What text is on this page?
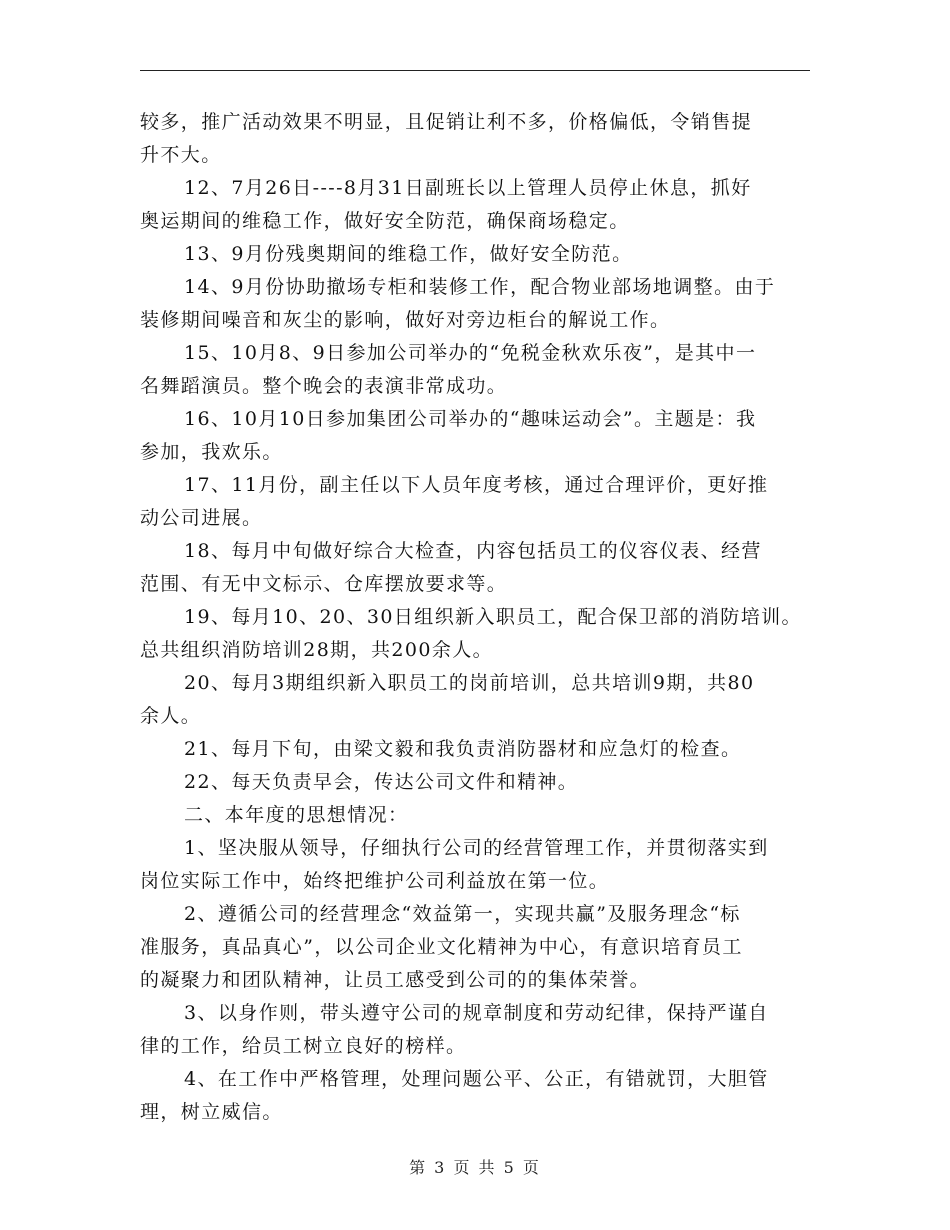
较多，推广活动效果不明显，且促销让利不多，价格偏低，令销售提
升不大。
12、7月26日----8月31日副班长以上管理人员停止休息，抓好
奥运期间的维稳工作，做好安全防范，确保商场稳定。
13、9月份残奥期间的维稳工作，做好安全防范。
14、9月份协助撤场专柜和装修工作，配合物业部场地调整。由于
装修期间噪音和灰尘的影响，做好对旁边柜台的解说工作。
15、10月8、9日参加公司举办的“免税金秋欢乐夜”，是其中一
名舞蹈演员。整个晚会的表演非常成功。
16、10月10日参加集团公司举办的“趣味运动会”。主题是：我
参加，我欢乐。
17、11月份，副主任以下人员年度考核，通过合理评价，更好推
动公司进展。
18、每月中旬做好综合大检查，内容包括员工的仪容仪表、经营
范围、有无中文标示、仓库摆放要求等。
19、每月10、20、30日组织新入职员工，配合保卫部的消防培训。
总共组织消防培训28期，共200余人。
20、每月3期组织新入职员工的岗前培训，总共培训9期，共80
余人。
21、每月下旬，由梁文毅和我负责消防器材和应急灯的检查。
22、每天负责早会，传达公司文件和精神。
二、本年度的思想情况：
1、坚决服从领导，仔细执行公司的经营管理工作，并贯彻落实到
岗位实际工作中，始终把维护公司利益放在第一位。
2、遵循公司的经营理念“效益第一，实现共赢”及服务理念“标
准服务，真品真心”，以公司企业文化精神为中心，有意识培育员工
的凝聚力和团队精神，让员工感受到公司的的集体荣誉。
3、以身作则，带头遵守公司的规章制度和劳动纪律，保持严谨自
律的工作，给员工树立良好的榜样。
4、在工作中严格管理，处理问题公平、公正，有错就罚，大胆管
理，树立威信。
第 3 页 共 5 页
